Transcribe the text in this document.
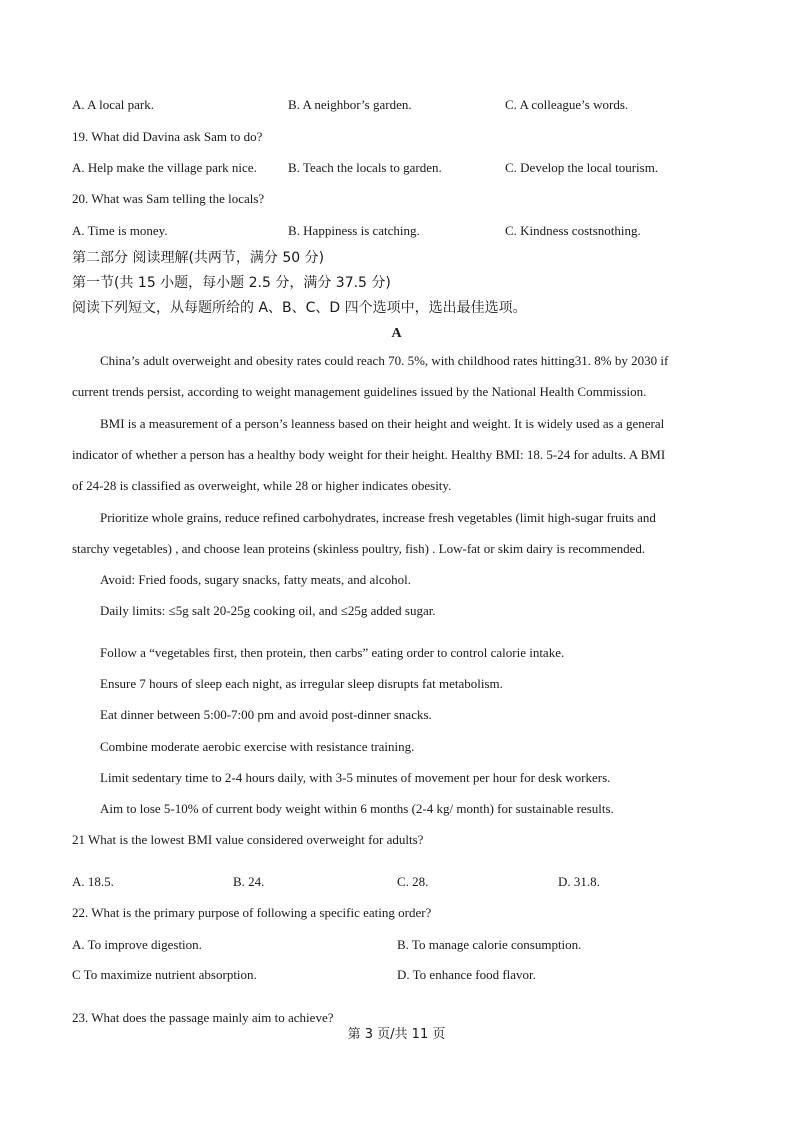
A. A local park.	B. A neighbor’s garden.	C. A colleague’s words.
19. What did Davina ask Sam to do?
A. Help make the village park nice. B. Teach the locals to garden.	C. Develop the local tourism.
20. What was Sam telling the locals?
A. Time is money.	B. Happiness is catching.	C. Kindness costsnothing.
第二部分 阅读理解(共两节，满分 50 分)
第一节(共 15 小题，每小题 2.5 分，满分 37.5 分)
阅读下列短文，从每题所给的 A、B、C、D 四个选项中，选出最佳选项。
A
China’s adult overweight and obesity rates could reach 70. 5%, with childhood rates hitting31. 8% by 2030 if
current trends persist, according to weight management guidelines issued by the National Health Commission.
BMI is a measurement of a person’s leanness based on their height and weight. It is widely used as a general
indicator of whether a person has a healthy body weight for their height. Healthy BMI: 18. 5-24 for adults. A BMI
of 24-28 is classified as overweight, while 28 or higher indicates obesity.
Prioritize whole grains, reduce refined carbohydrates, increase fresh vegetables (limit high-sugar fruits and
starchy vegetables) , and choose lean proteins (skinless poultry, fish) . Low-fat or skim dairy is recommended.
Avoid: Fried foods, sugary snacks, fatty meats, and alcohol.
Daily limits: ≤5g salt 20-25g cooking oil, and ≤25g added sugar.
Follow a “vegetables first, then protein, then carbs” eating order to control calorie intake.
Ensure 7 hours of sleep each night, as irregular sleep disrupts fat metabolism.
Eat dinner between 5:00-7:00 pm and avoid post-dinner snacks.
Combine moderate aerobic exercise with resistance training.
Limit sedentary time to 2-4 hours daily, with 3-5 minutes of movement per hour for desk workers.
Aim to lose 5-10% of current body weight within 6 months (2-4 kg/ month) for sustainable results.
21 What is the lowest BMI value considered overweight for adults?
A. 18.5.	B. 24.	C. 28.	D. 31.8.
22. What is the primary purpose of following a specific eating order?
A. To improve digestion.	B. To manage calorie consumption.
C To maximize nutrient absorption.	D. To enhance food flavor.
23. What does the passage mainly aim to achieve?
第 3 页/共 11 页
